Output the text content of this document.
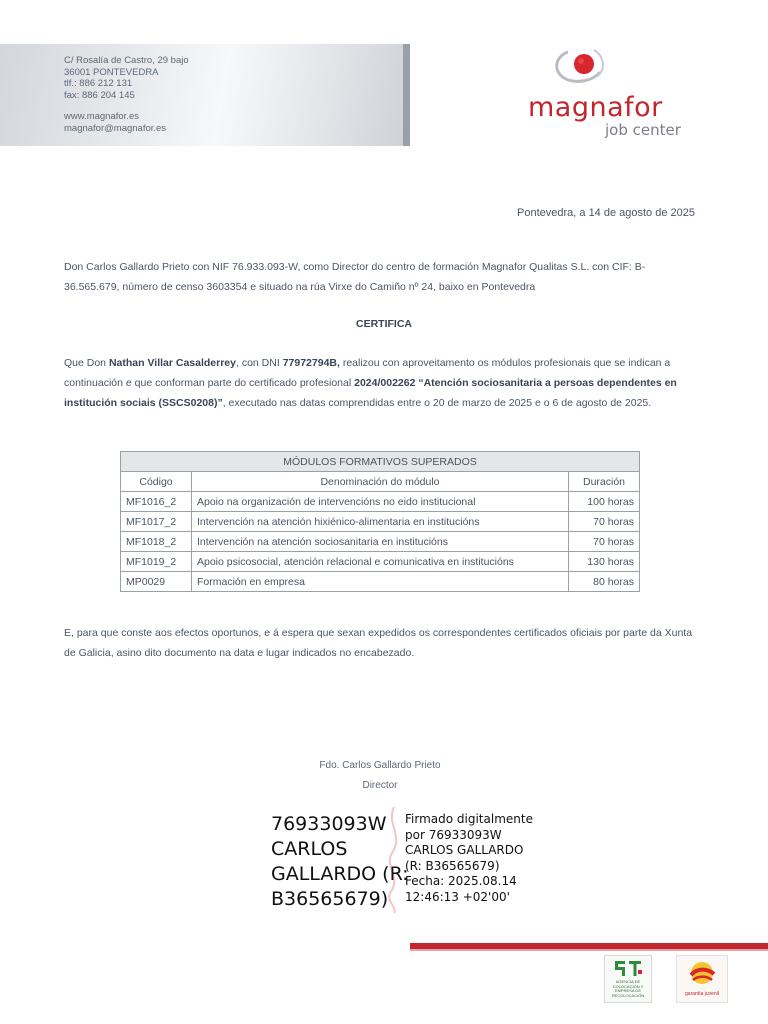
C/ Rosalía de Castro, 29 bajo
36001 PONTEVEDRA
tlf.: 886 212 131
fax: 886 204 145
www.magnafor.es
magnafor@magnafor.es
magnafor
job center
Pontevedra, a 14 de agosto de 2025
Don Carlos Gallardo Prieto con NIF 76.933.093-W, como Director do centro de formación Magnafor Qualitas S.L. con CIF: B-36.565.679, número de censo 3603354 e situado na rúa Virxe do Camiño nº 24, baixo en Pontevedra
CERTIFICA
Que Don Nathan Villar Casalderrey, con DNI 77972794B, realizou con aproveitamento os módulos profesionais que se indican a continuación e que conforman parte do certificado profesional 2024/002262 “Atención sociosanitaria a persoas dependentes en institución sociais (SSCS0208)”, executado nas datas comprendidas entre o 20 de marzo de 2025 e o 6 de agosto de 2025.
MÓDULOS FORMATIVOS SUPERADOS		
Código	Denominación do módulo	Duración
MF1016_2	Apoio na organización de intervencións no eido institucional	100 horas
MF1017_2	Intervención na atención hixiénico-alimentaria en institucións	70 horas
MF1018_2	Intervención na atención sociosanitaria en institucións	70 horas
MF1019_2	Apoio psicosocial, atención relacional e comunicativa en institucións	130 horas
MP0029	Formación en empresa	80 horas
E, para que conste aos efectos oportunos, e á espera que sexan expedidos os correspondentes certificados oficiais por parte da Xunta de Galicia, asino dito documento na data e lugar indicados no encabezado.
Fdo. Carlos Gallardo Prieto
Director
76933093W
CARLOS
GALLARDO (R:
B36565679)
Firmado digitalmente
por 76933093W
CARLOS GALLARDO
(R: B36565679)
Fecha: 2025.08.14
12:46:13 +02'00'
AGENCIA DE
COLOCACIÓN Y
EMPRESA DE
RECOLOCACIÓN	garantía juvenil
